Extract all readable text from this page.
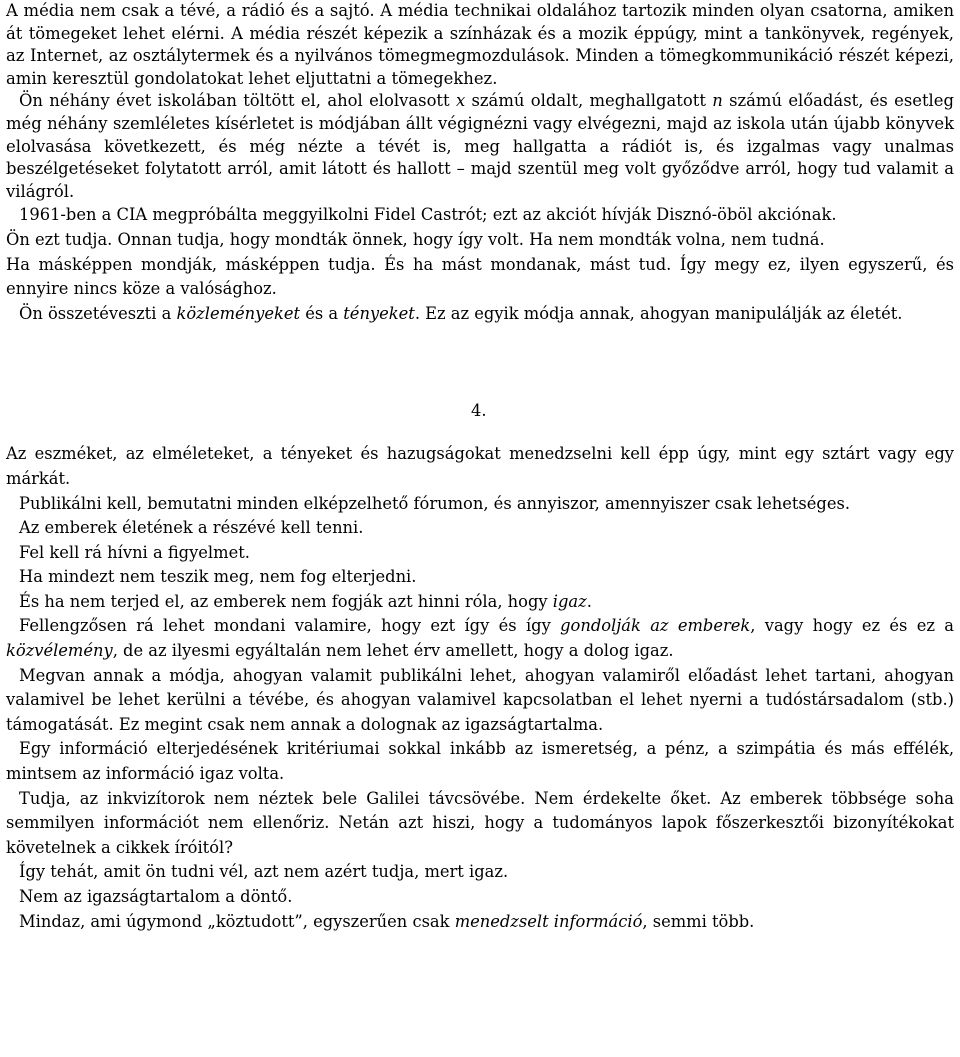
A média nem csak a tévé, a rádió és a sajtó. A média technikai oldalához tartozik minden olyan csatorna, amiken át tömegeket lehet elérni. A média részét képezik a színházak és a mozik éppúgy, mint a tankönyvek, regények, az Internet, az osztálytermek és a nyilvános tömegmegmozdulások. Minden a tömegkommunikáció részét képezi, amin keresztül gondolatokat lehet eljuttatni a tömegekhez.

Ön néhány évet iskolában töltött el, ahol elolvasott x számú oldalt, meghallgatott n számú előadást, és esetleg még néhány szemléletes kísérletet is módjában állt végignézni vagy elvégezni, majd az iskola után újabb könyvek elolvasása következett, és még nézte a tévét is, meg hallgatta a rádiót is, és izgalmas vagy unalmas beszélgetéseket folytatott arról, amit látott és hallott – majd szentül meg volt győződve arról, hogy tud valamit a világról.

1961-ben a CIA megpróbálta meggyilkolni Fidel Castrót; ezt az akciót hívják Disznó-öböl akciónak.

Ön ezt tudja. Onnan tudja, hogy mondták önnek, hogy így volt. Ha nem mondták volna, nem tudná.

Ha másképpen mondják, másképpen tudja. És ha mást mondanak, mást tud. Így megy ez, ilyen egyszerű, és ennyire nincs köze a valósághoz.

Ön összetéveszti a közleményeket és a tényeket. Ez az egyik módja annak, ahogyan manipulálják az életét.

4.

Az eszméket, az elméleteket, a tényeket és hazugságokat menedzselni kell épp úgy, mint egy sztárt vagy egy márkát.

Publikálni kell, bemutatni minden elképzelhető fórumon, és annyiszor, amennyiszer csak lehetséges.

Az emberek életének a részévé kell tenni.

Fel kell rá hívni a figyelmet.

Ha mindezt nem teszik meg, nem fog elterjedni.

És ha nem terjed el, az emberek nem fogják azt hinni róla, hogy igaz.

Fellengzősen rá lehet mondani valamire, hogy ezt így és így gondolják az emberek, vagy hogy ez és ez a közvélemény, de az ilyesmi egyáltalán nem lehet érv amellett, hogy a dolog igaz.

Megvan annak a módja, ahogyan valamit publikálni lehet, ahogyan valamiről előadást lehet tartani, ahogyan valamivel be lehet kerülni a tévébe, és ahogyan valamivel kapcsolatban el lehet nyerni a tudóstársadalom (stb.) támogatását. Ez megint csak nem annak a dolognak az igazságtartalma.

Egy információ elterjedésének kritériumai sokkal inkább az ismeretség, a pénz, a szimpátia és más effélék, mintsem az információ igaz volta.

Tudja, az inkvizítorok nem néztek bele Galilei távcsövébe. Nem érdekelte őket. Az emberek többsége soha semmilyen információt nem ellenőriz. Netán azt hiszi, hogy a tudományos lapok főszerkesztői bizonyítékokat követelnek a cikkek íróitól?

Így tehát, amit ön tudni vél, azt nem azért tudja, mert igaz.

Nem az igazságtartalom a döntő.

Mindaz, ami úgymond „köztudott”, egyszerűen csak menedzselt információ, semmi több.
